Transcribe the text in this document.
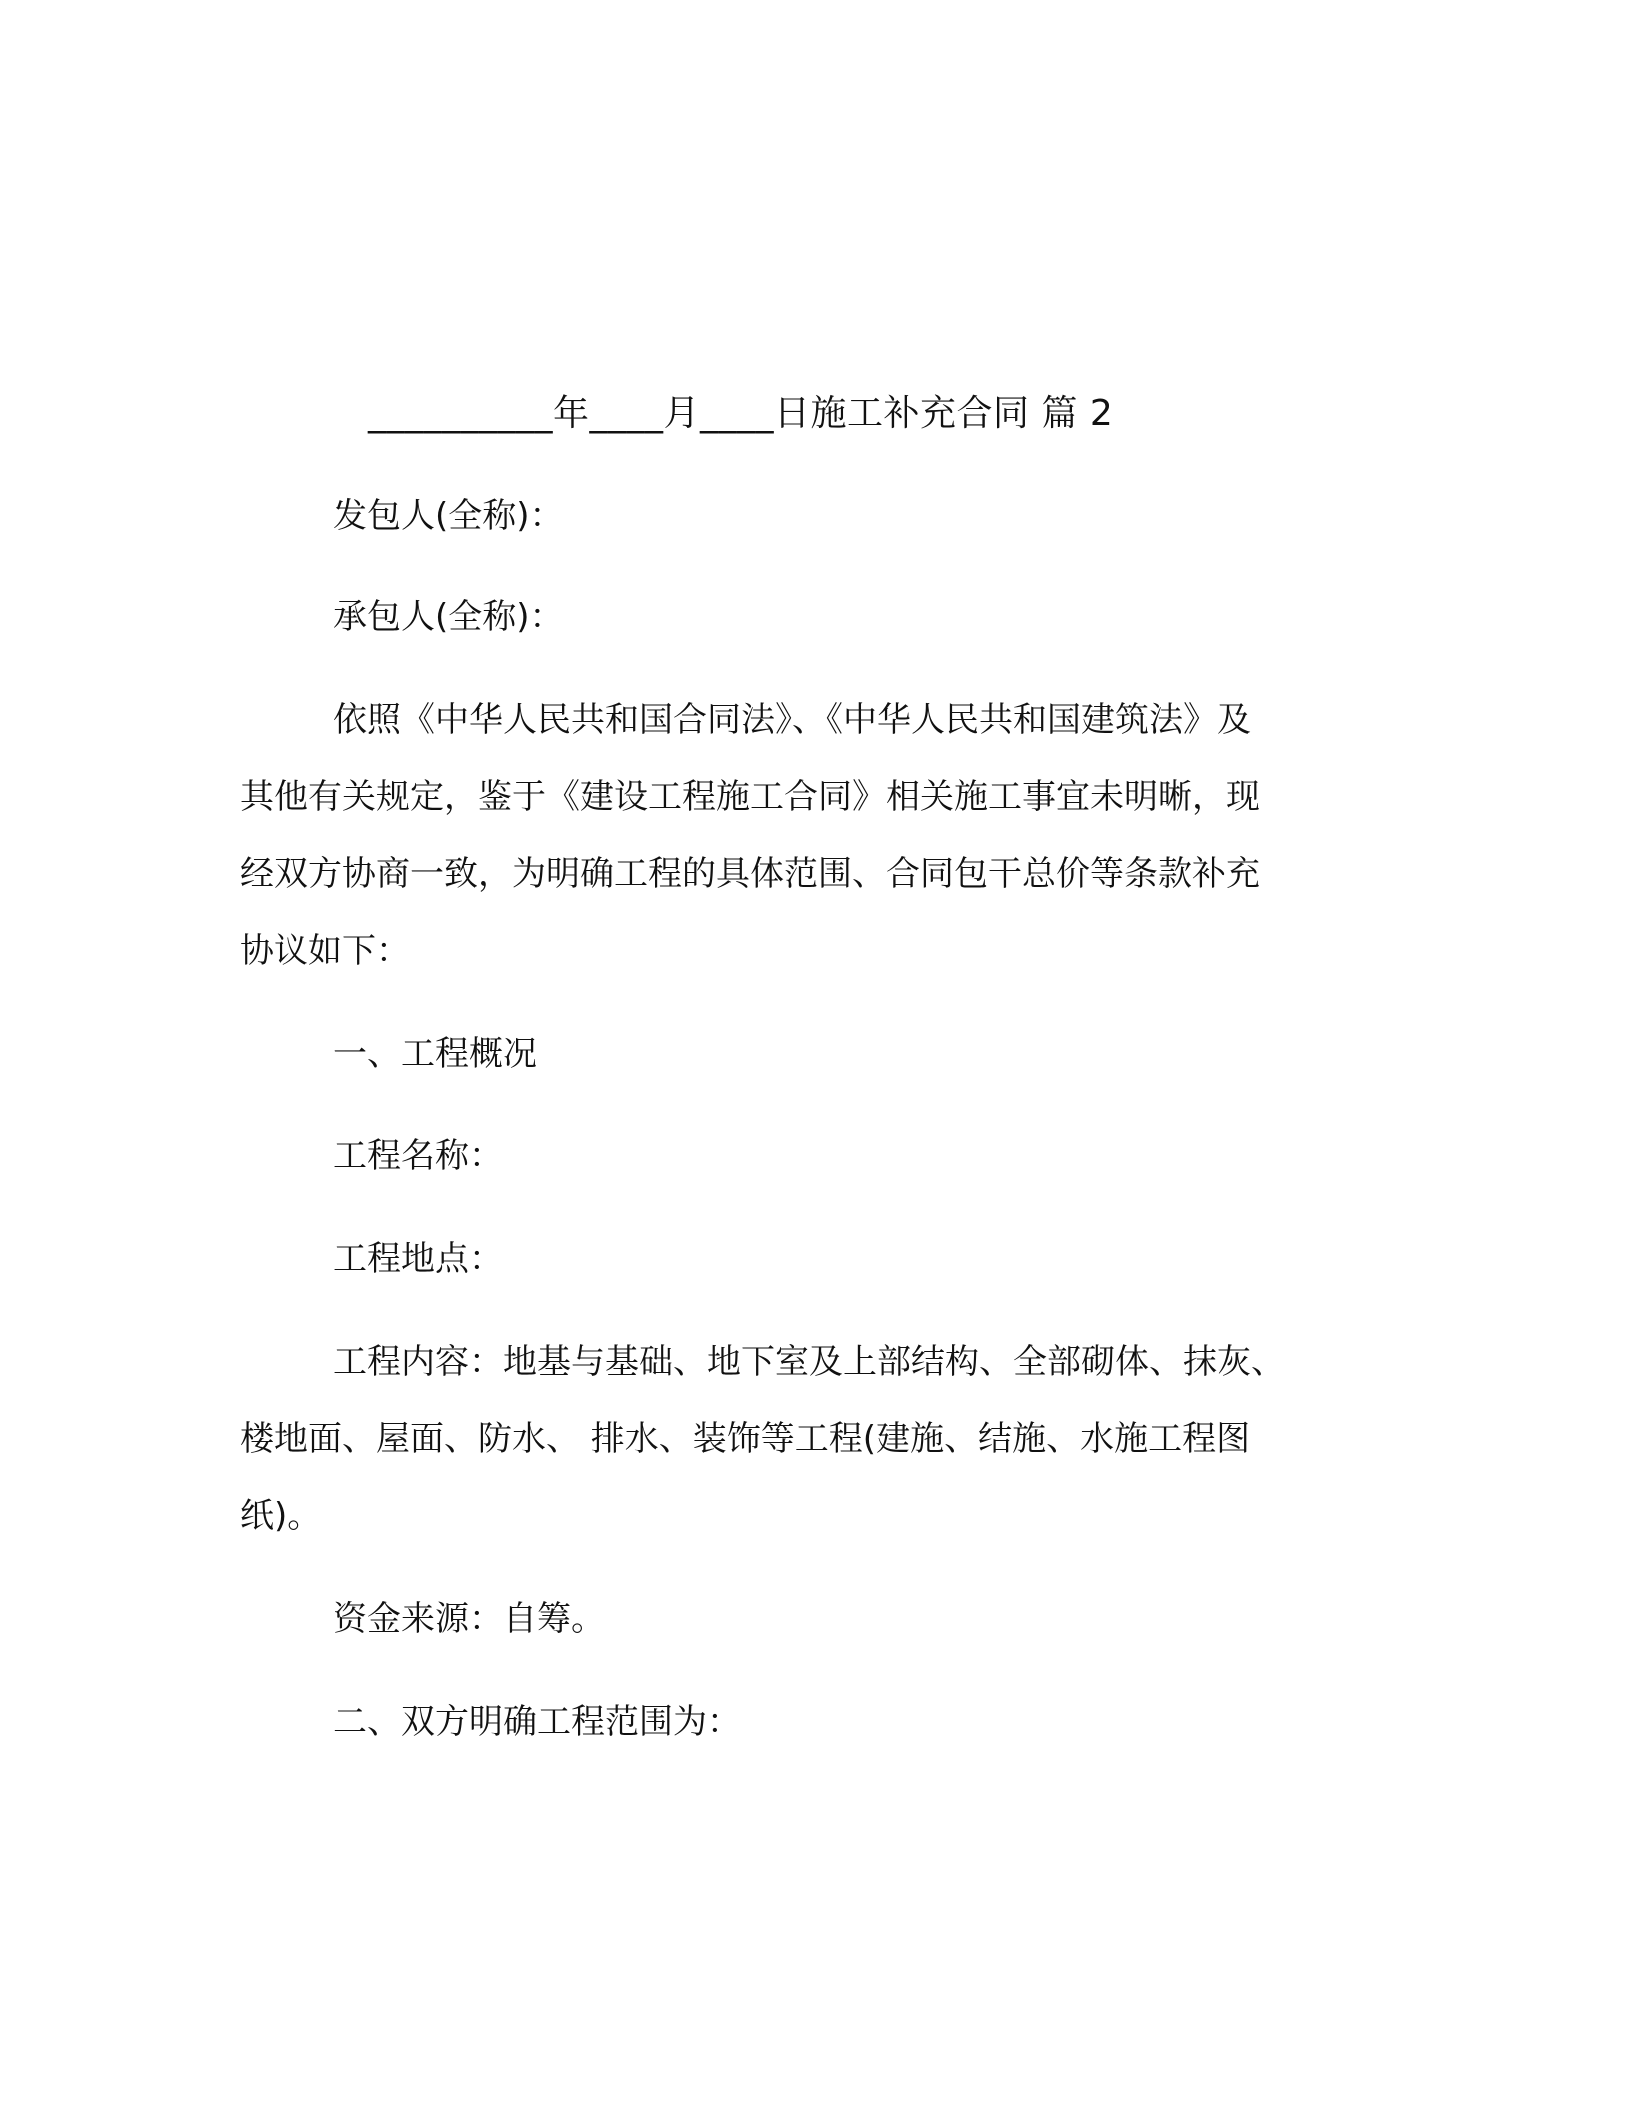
__________年____月____日施工补充合同 篇 2
发包人(全称)：
承包人(全称)：
依照《中华人民共和国合同法》、《中华人民共和国建筑法》及
其他有关规定，鉴于《建设工程施工合同》相关施工事宜未明晰，现
经双方协商一致，为明确工程的具体范围、合同包干总价等条款补充
协议如下：
一、工程概况
工程名称：
工程地点：
工程内容：地基与基础、地下室及上部结构、全部砌体、抹灰、
楼地面、屋面、防水、 排水、装饰等工程(建施、结施、水施工程图
纸)。
资金来源：自筹。
二、双方明确工程范围为：
